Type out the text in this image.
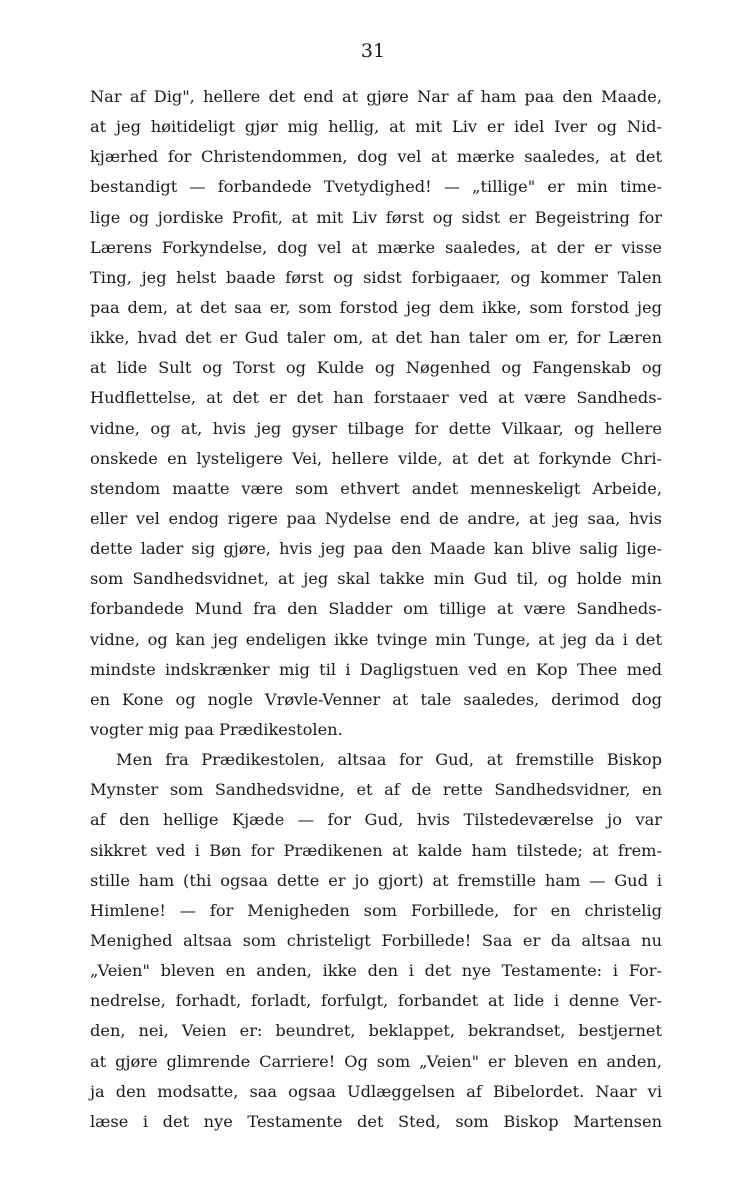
31
Nar af Dig", hellere det end at gjøre Nar af ham paa den Maade,
at jeg høitideligt gjør mig hellig, at mit Liv er idel Iver og Nid-
kjærhed for Christendommen, dog vel at mærke saaledes, at det
bestandigt — forbandede Tvetydighed! — „tillige" er min time-
lige og jordiske Profit, at mit Liv først og sidst er Begeistring for
Lærens Forkyndelse, dog vel at mærke saaledes, at der er visse
Ting, jeg helst baade først og sidst forbigaaer, og kommer Talen
paa dem, at det saa er, som forstod jeg dem ikke, som forstod jeg
ikke, hvad det er Gud taler om, at det han taler om er, for Læren
at lide Sult og Torst og Kulde og Nøgenhed og Fangenskab og
Hudflettelse, at det er det han forstaaer ved at være Sandheds-
vidne, og at, hvis jeg gyser tilbage for dette Vilkaar, og hellere
onskede en lysteligere Vei, hellere vilde, at det at forkynde Chri-
stendom maatte være som ethvert andet menneskeligt Arbeide,
eller vel endog rigere paa Nydelse end de andre, at jeg saa, hvis
dette lader sig gjøre, hvis jeg paa den Maade kan blive salig lige-
som Sandhedsvidnet, at jeg skal takke min Gud til, og holde min
forbandede Mund fra den Sladder om tillige at være Sandheds-
vidne, og kan jeg endeligen ikke tvinge min Tunge, at jeg da i det
mindste indskrænker mig til i Dagligstuen ved en Kop Thee med
en Kone og nogle Vrøvle-Venner at tale saaledes, derimod dog
vogter mig paa Prædikestolen.
Men fra Prædikestolen, altsaa for Gud, at fremstille Biskop
Mynster som Sandhedsvidne, et af de rette Sandhedsvidner, en
af den hellige Kjæde — for Gud, hvis Tilstedeværelse jo var
sikkret ved i Bøn for Prædikenen at kalde ham tilstede; at frem-
stille ham (thi ogsaa dette er jo gjort) at fremstille ham — Gud i
Himlene! — for Menigheden som Forbillede, for en christelig
Menighed altsaa som christeligt Forbillede! Saa er da altsaa nu
„Veien" bleven en anden, ikke den i det nye Testamente: i For-
nedrelse, forhadt, forladt, forfulgt, forbandet at lide i denne Ver-
den, nei, Veien er: beundret, beklappet, bekrandset, bestjernet
at gjøre glimrende Carriere! Og som „Veien" er bleven en anden,
ja den modsatte, saa ogsaa Udlæggelsen af Bibelordet. Naar vi
læse i det nye Testamente det Sted, som Biskop Martensen
